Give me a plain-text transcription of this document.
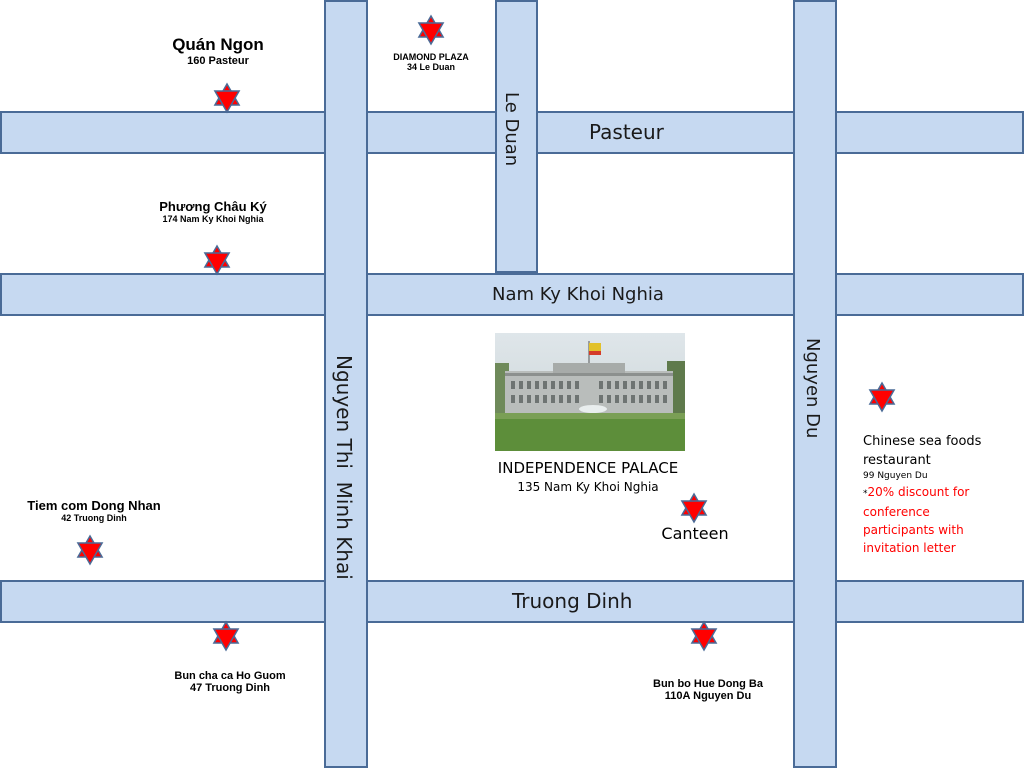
Pasteur
Nam Ky Khoi Nghia
Truong Dinh
Le Duan
Nguyen Thi  Minh Khai	Nguyen Du
Quán Ngon
160 Pasteur	DIAMOND PLAZA
34 Le Duan
Phương Châu Ký
174 Nam Ky Khoi Nghia
Tiem com Dong Nhan
42 Truong Dinh
Bun cha ca Ho Guom
47 Truong Dinh	Bun bo Hue Dong Ba
110A Nguyen Du
INDEPENDENCE PALACE
135 Nam Ky Khoi Nghia
Canteen
Chinese sea foods
restaurant
99 Nguyen Du
*20% discount for
conference
participants with
invitation letter
